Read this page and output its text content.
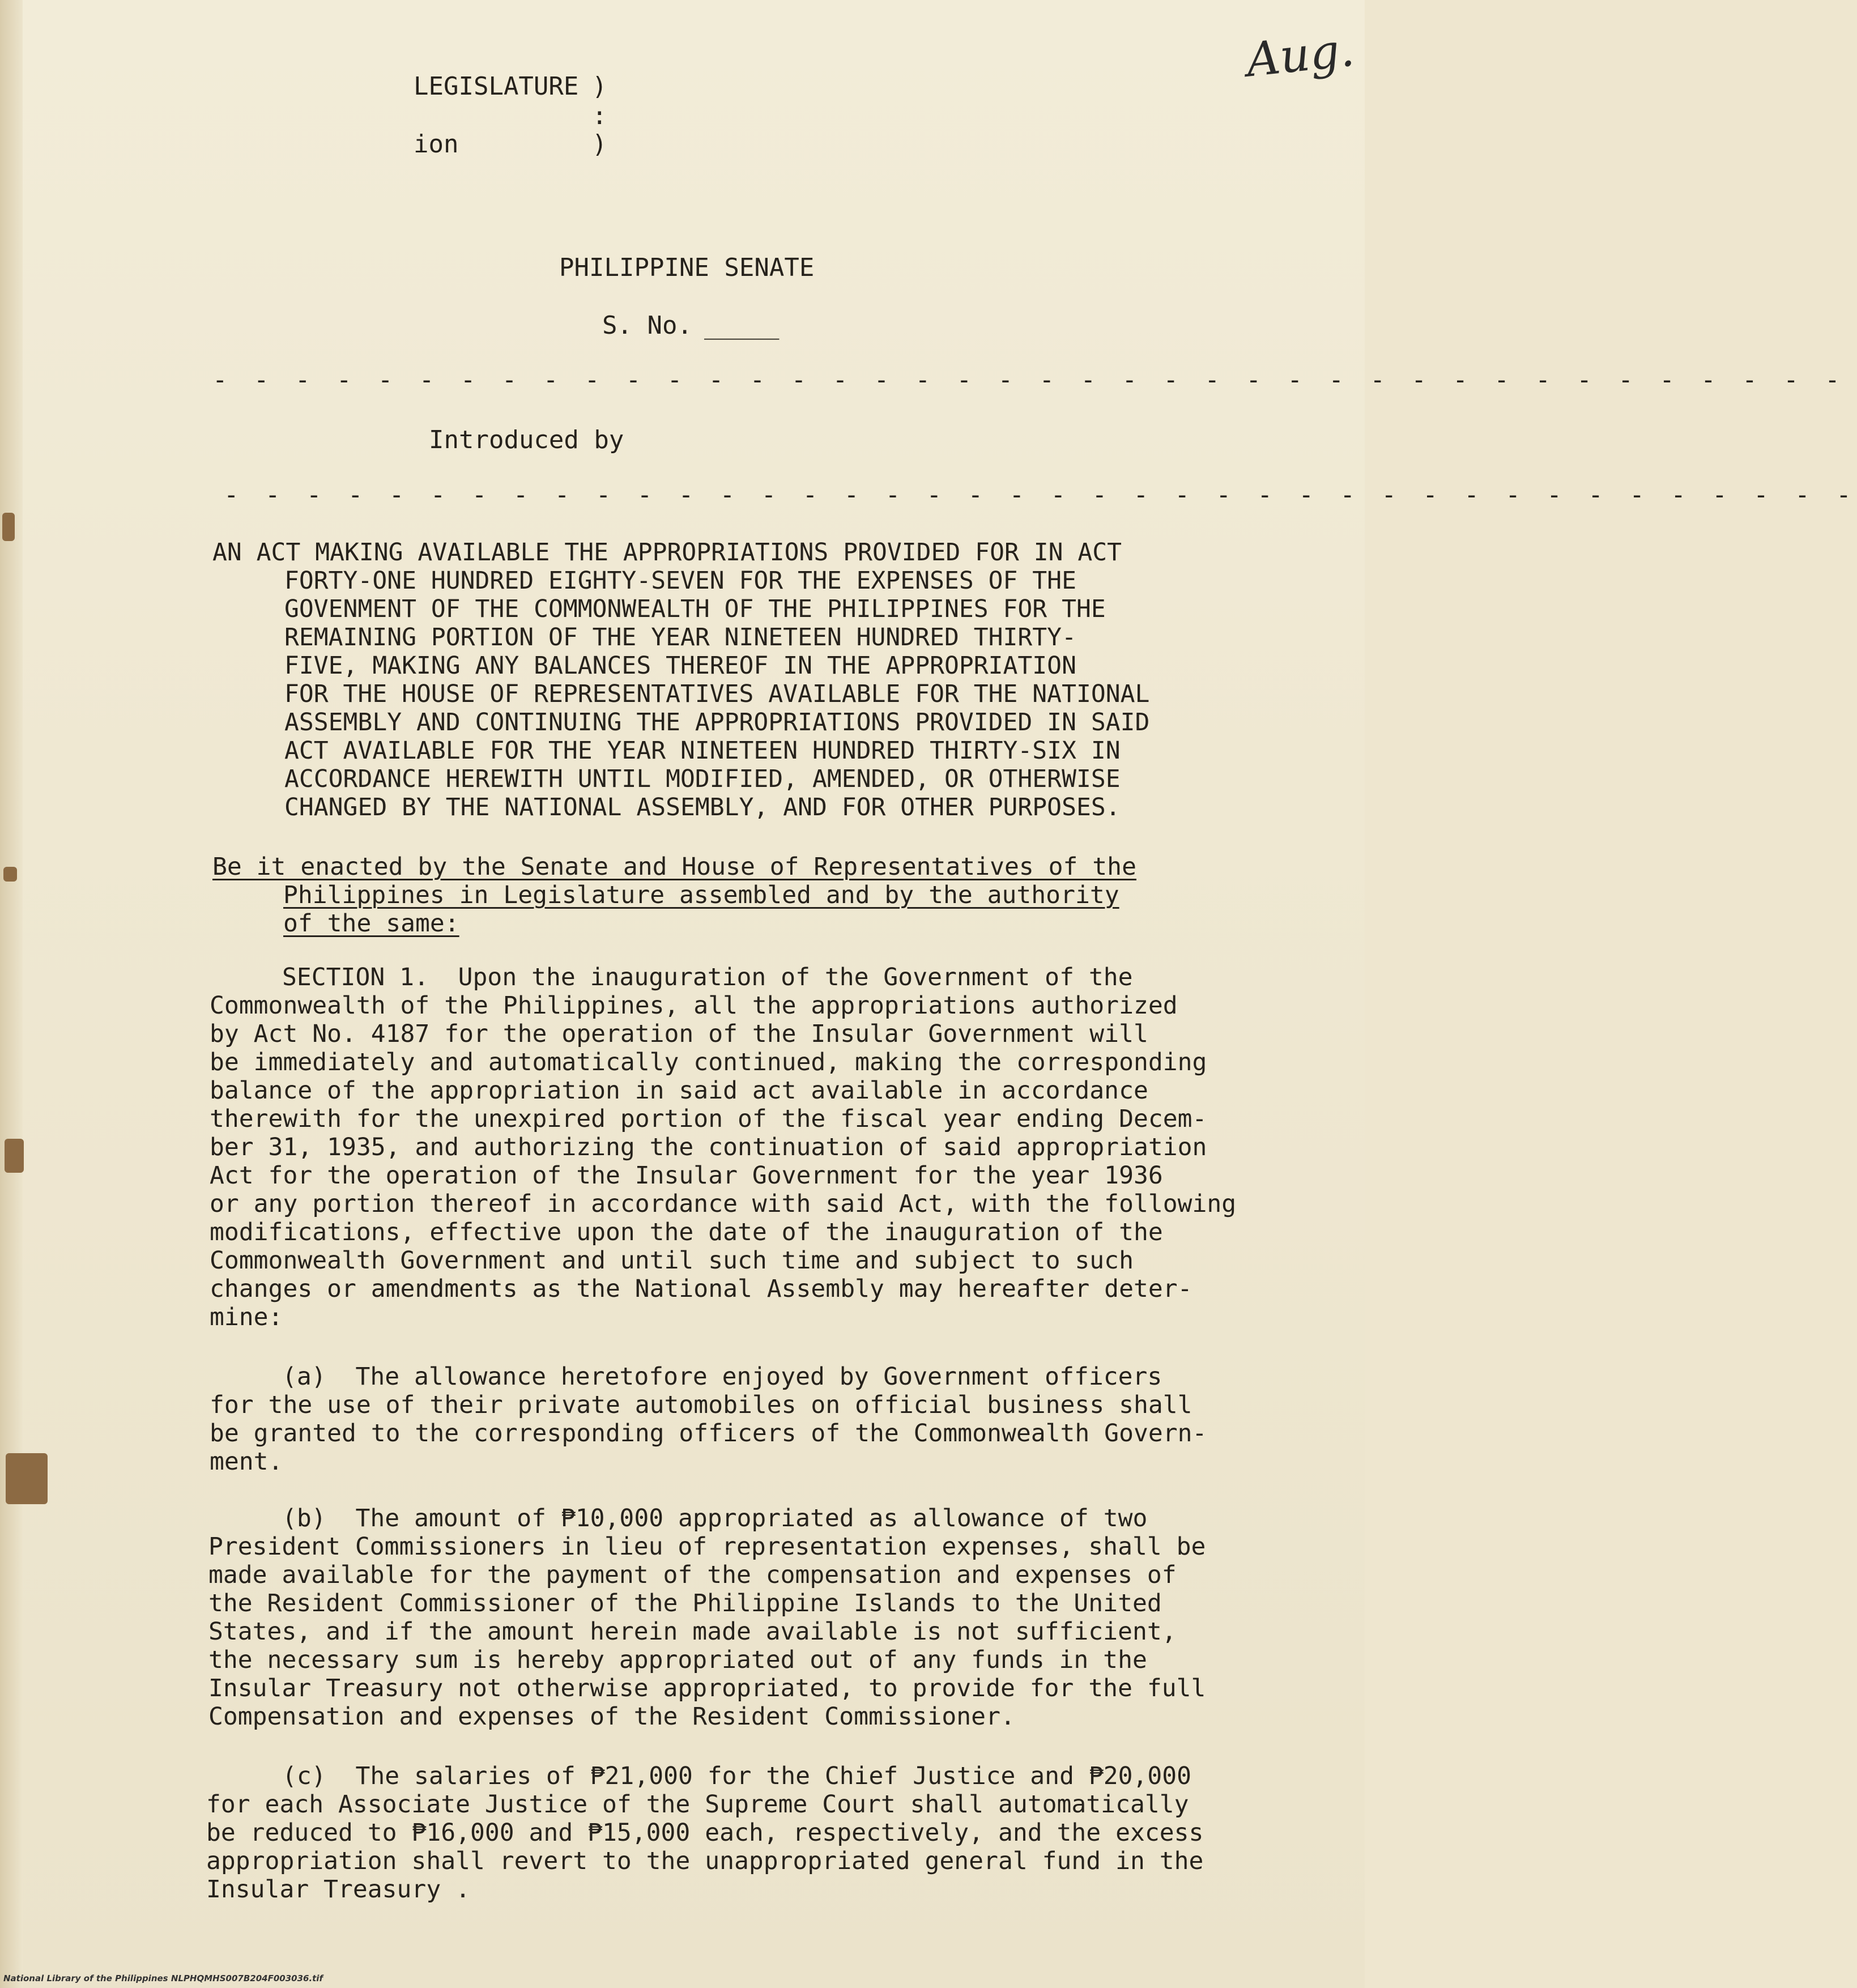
Aug.
LEGISLATURE )
:
ion	)
PHILIPPINE SENATE
S. No. _____
- - - - - - - - - - - - - - - - - - - - - - - - - - - - - - - - - - - - - - - -
Introduced by
- - - - - - - - - - - - - - - - - - - - - - - - - - - - - - - - - - - - - - - -
AN ACT MAKING AVAILABLE THE APPROPRIATIONS PROVIDED FOR IN ACT
FORTY-ONE HUNDRED EIGHTY-SEVEN FOR THE EXPENSES OF THE
GOVENMENT OF THE COMMONWEALTH OF THE PHILIPPINES FOR THE
REMAINING PORTION OF THE YEAR NINETEEN HUNDRED THIRTY-
FIVE, MAKING ANY BALANCES THEREOF IN THE APPROPRIATION
FOR THE HOUSE OF REPRESENTATIVES AVAILABLE FOR THE NATIONAL
ASSEMBLY AND CONTINUING THE APPROPRIATIONS PROVIDED IN SAID
ACT AVAILABLE FOR THE YEAR NINETEEN HUNDRED THIRTY-SIX IN
ACCORDANCE HEREWITH UNTIL MODIFIED, AMENDED, OR OTHERWISE
CHANGED BY THE NATIONAL ASSEMBLY, AND FOR OTHER PURPOSES.
Be it enacted by the Senate and House of Representatives of the
Philippines in Legislature assembled and by the authority
of the same:
SECTION 1.  Upon the inauguration of the Government of the
Commonwealth of the Philippines, all the appropriations authorized
by Act No. 4187 for the operation of the Insular Government will
be immediately and automatically continued, making the corresponding
balance of the appropriation in said act available in accordance
therewith for the unexpired portion of the fiscal year ending Decem-
ber 31, 1935, and authorizing the continuation of said appropriation
Act for the operation of the Insular Government for the year 1936
or any portion thereof in accordance with said Act, with the following
modifications, effective upon the date of the inauguration of the
Commonwealth Government and until such time and subject to such
changes or amendments as the National Assembly may hereafter deter-
mine:
(a)  The allowance heretofore enjoyed by Government officers
for the use of their private automobiles on official business shall
be granted to the corresponding officers of the Commonwealth Govern-
ment.
(b)  The amount of ₱10,000 appropriated as allowance of two
President Commissioners in lieu of representation expenses, shall be
made available for the payment of the compensation and expenses of
the Resident Commissioner of the Philippine Islands to the United
States, and if the amount herein made available is not sufficient,
the necessary sum is hereby appropriated out of any funds in the
Insular Treasury not otherwise appropriated, to provide for the full
Compensation and expenses of the Resident Commissioner.
(c)  The salaries of ₱21,000 for the Chief Justice and ₱20,000
for each Associate Justice of the Supreme Court shall automatically
be reduced to ₱16,000 and ₱15,000 each, respectively, and the excess
appropriation shall revert to the unappropriated general fund in the
Insular Treasury .
National Library of the Philippines NLPHQMHS007B204F003036.tif
